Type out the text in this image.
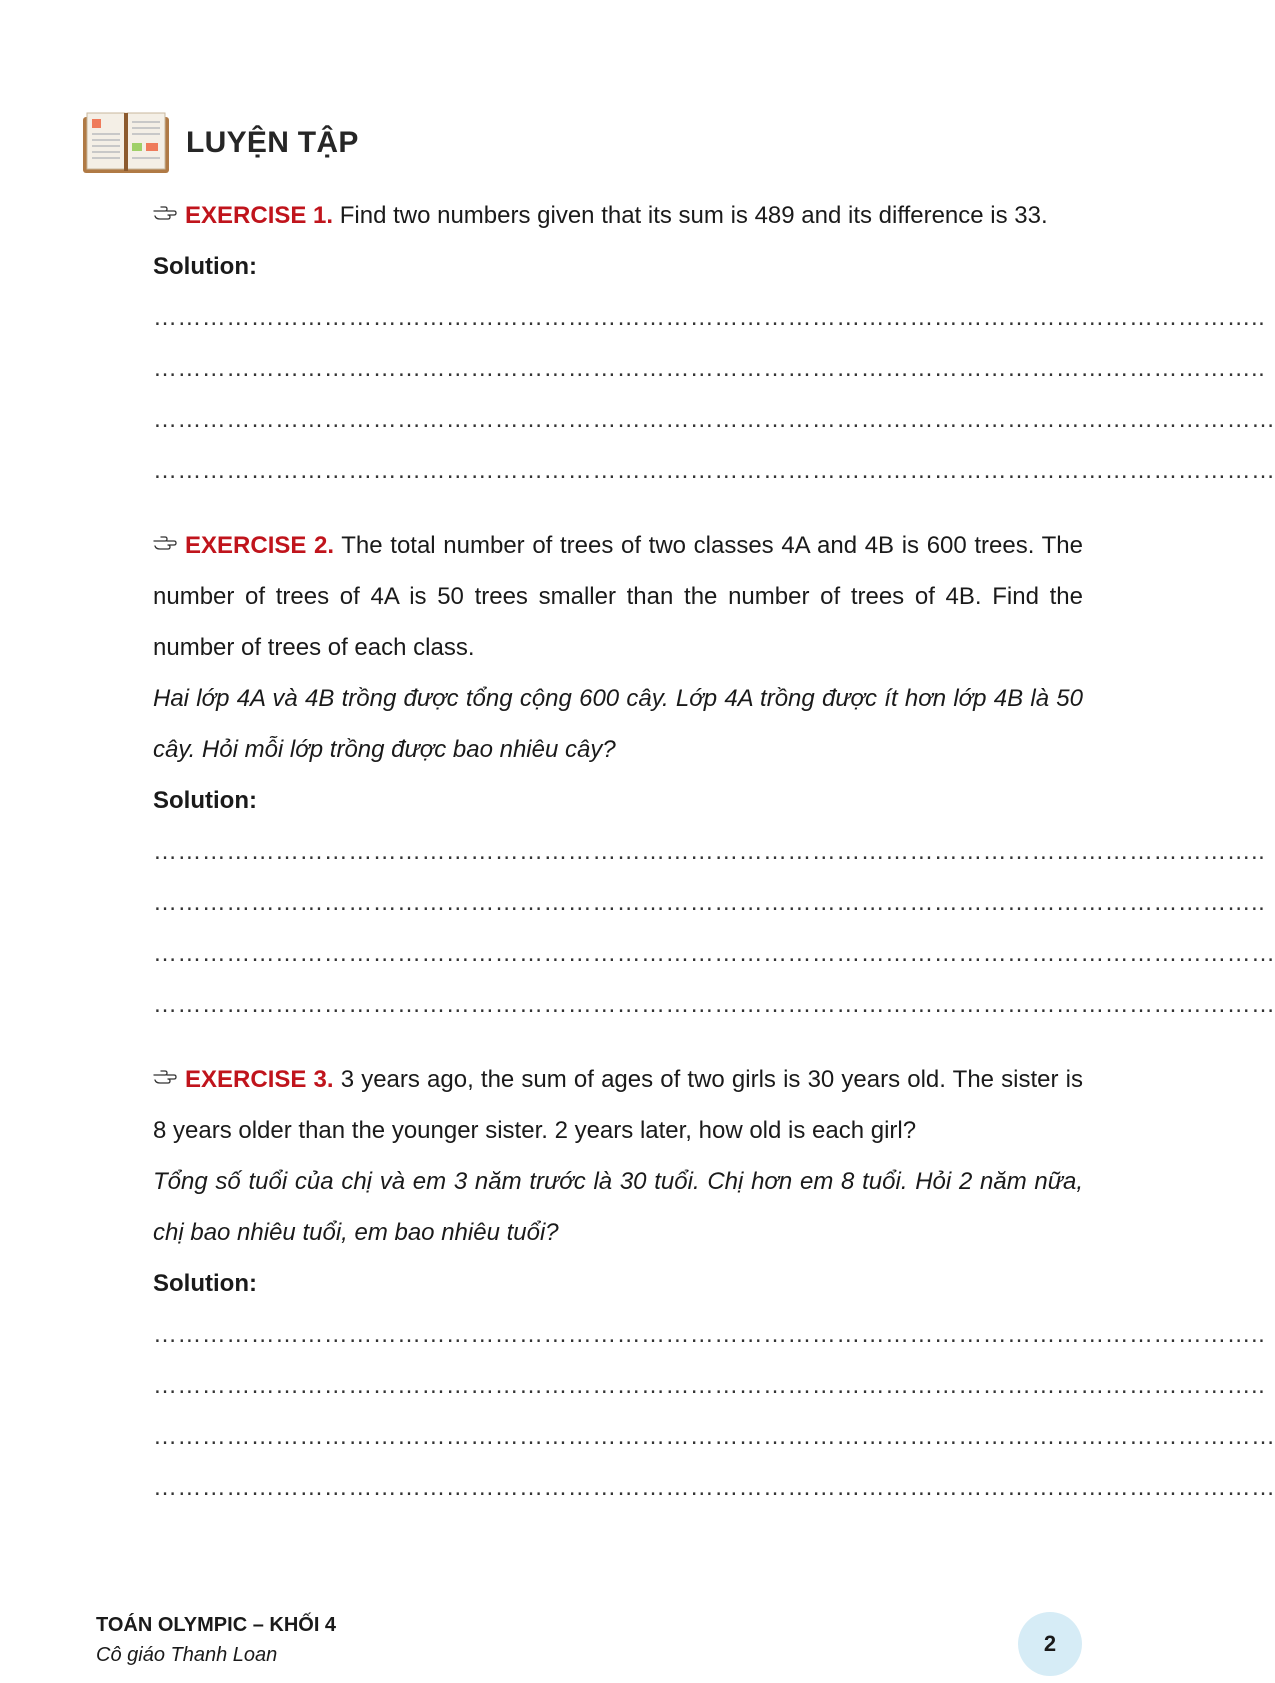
LUYỆN TẬP
EXERCISE 1. Find two numbers given that its sum is 489 and its difference is 33.
Solution:
………………………………………………………………………………………………………………………..
………………………………………………………………………………………………………………………..
…………………………………………………………………………………………………………………………
…………………………………………………………………………………………………………………………
EXERCISE 2. The total number of trees of two classes 4A and 4B is 600 trees. The number of trees of 4A is 50 trees smaller than the number of trees of 4B. Find the number of trees of each class.
Hai lớp 4A và 4B trồng được tổng cộng 600 cây. Lớp 4A trồng được ít hơn lớp 4B là 50 cây. Hỏi mỗi lớp trồng được bao nhiêu cây?
Solution:
………………………………………………………………………………………………………………………..
………………………………………………………………………………………………………………………..
…………………………………………………………………………………………………………………………
…………………………………………………………………………………………………………………………
EXERCISE 3. 3 years ago, the sum of ages of two girls is 30 years old. The sister is 8 years older than the younger sister. 2 years later, how old is each girl?
Tổng số tuổi của chị và em 3 năm trước là 30 tuổi. Chị hơn em 8 tuổi. Hỏi 2 năm nữa, chị bao nhiêu tuổi, em bao nhiêu tuổi?
Solution:
………………………………………………………………………………………………………………………..
………………………………………………………………………………………………………………………..
…………………………………………………………………………………………………………………………
…………………………………………………………………………………………………………………………
TOÁN OLYMPIC – KHỐI 4
Cô giáo Thanh Loan	2
